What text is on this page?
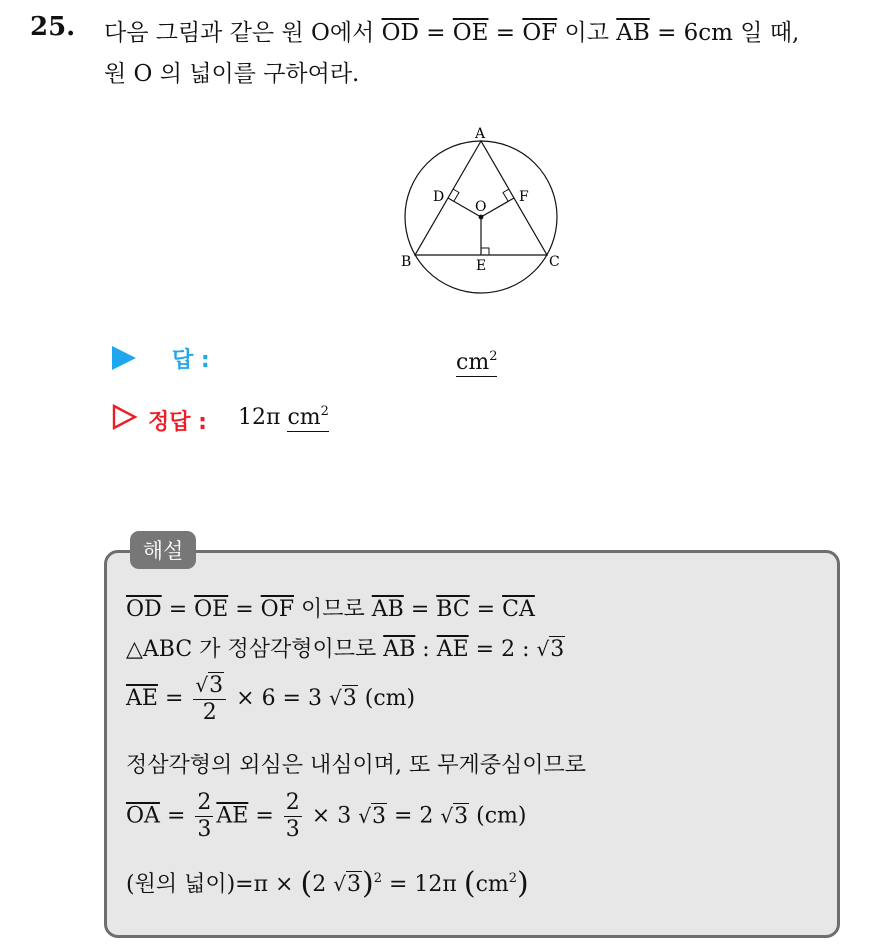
25. 다음 그림과 같은 원 O에서 $\overline{OD} = \overline{OE} = \overline{OF}$ 이고 $\overline{AB} = 6cm$ 일 때,
원 O 의 넓이를 구하여라.
A
B	C
D
E
F
O
답 :	$cm^2$
정답 : 12π $cm^2$
해설
$\overline{OD} = \overline{OE} = \overline{OF}$ 이므로 $\overline{AB} = \overline{BC} = \overline{CA}$
△ABC 가 정삼각형이므로 $\overline{AB}$ : $\overline{AE} = 2$ : √3
$\overline{AE} = \frac{√3}{2} \times 6 = 3$ √3 (cm)
정삼각형의 외심은 내심이며, 또 무게중심이므로
$\overline{OA} = \frac{2}{3} \overline{AE} = \frac{2}{3} \times 3$ √3 = 2 √3 (cm)
(원의 넓이)=π × (2 √3)$^2$ = 12π $(cm^2)$
